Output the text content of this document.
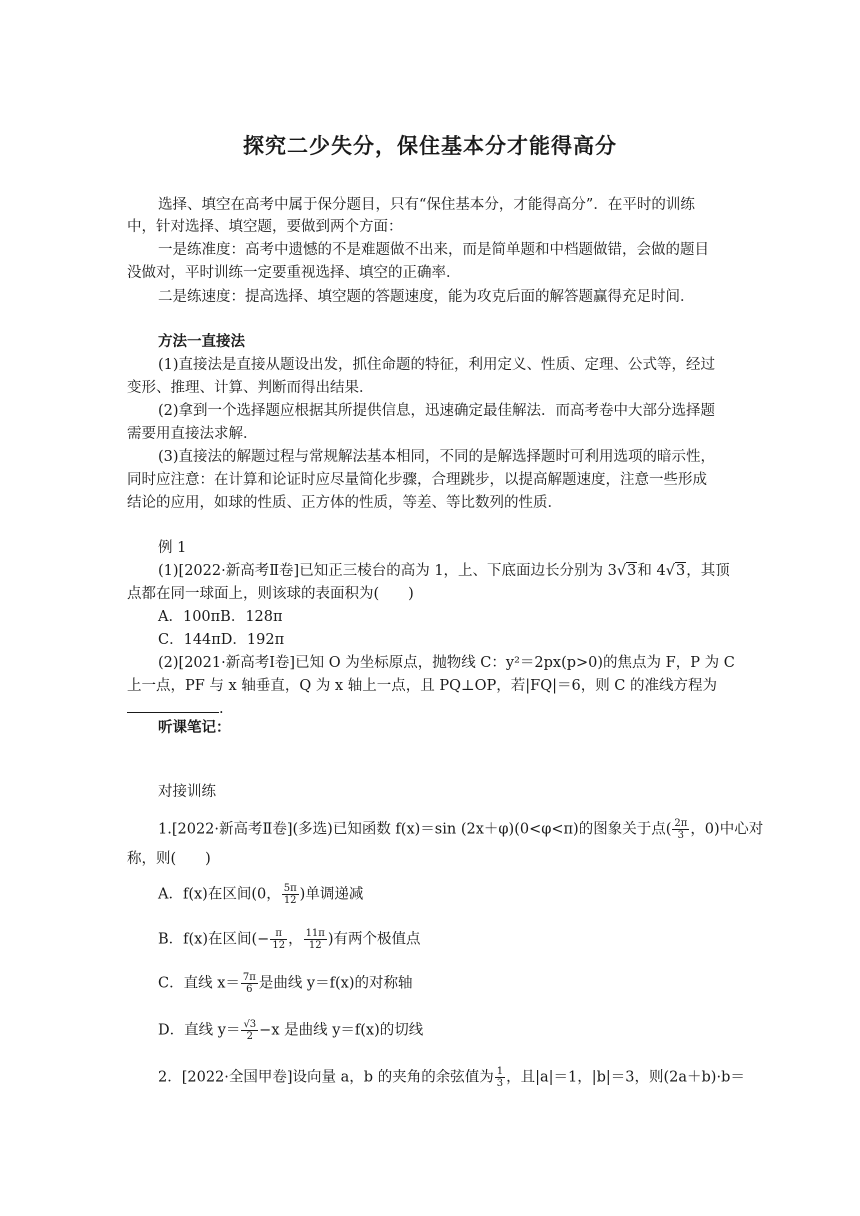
探究二少失分，保住基本分才能得高分
选择、填空在高考中属于保分题目，只有“保住基本分，才能得高分”．在平时的训练
中，针对选择、填空题，要做到两个方面：
一是练准度：高考中遗憾的不是难题做不出来，而是简单题和中档题做错，会做的题目
没做对，平时训练一定要重视选择、填空的正确率．
二是练速度：提高选择、填空题的答题速度，能为攻克后面的解答题赢得充足时间．
方法一直接法
(1)直接法是直接从题设出发，抓住命题的特征，利用定义、性质、定理、公式等，经过
变形、推理、计算、判断而得出结果．
(2)拿到一个选择题应根据其所提供信息，迅速确定最佳解法．而高考卷中大部分选择题
需要用直接法求解．
(3)直接法的解题过程与常规解法基本相同，不同的是解选择题时可利用选项的暗示性，
同时应注意：在计算和论证时应尽量简化步骤，合理跳步，以提高解题速度，注意一些形成
结论的应用，如球的性质、正方体的性质，等差、等比数列的性质．
例 1
(1)[2022·新高考Ⅱ卷]已知正三棱台的高为 1，上、下底面边长分别为 3√3和 4√3，其顶
点都在同一球面上，则该球的表面积为(　　)
A．100πB．128π
C．144πD．192π
(2)[2021·新高考Ⅰ卷]已知 O 为坐标原点，抛物线 C：y²＝2px(p>0)的焦点为 F，P 为 C
上一点，PF 与 x 轴垂直，Q 为 x 轴上一点，且 PQ⊥OP，若|FQ|＝6，则 C 的准线方程为
.
听课笔记：
对接训练
1.[2022·新高考Ⅱ卷](多选)已知函数 f(x)＝sin (2x＋φ)(0<φ<π)的图象关于点( $\frac{2\pi}{3}$ ，0)中心对
称，则(　　)
A．f(x)在区间(0， $\frac{5\pi}{12}$ )单调递减
B．f(x)在区间(− $\frac{\pi}{12}$ ， $\frac{11\pi}{12}$ )有两个极值点
C．直线 $x= \frac{7\pi}{6}$ 是曲线 y＝f(x)的对称轴
D．直线 $y= \frac{√3}{2} -x$ 是曲线 y＝f(x)的切线
2．[2022·全国甲卷]设向量 a，b 的夹角的余弦值为 $\frac{1}{3}$ ，且|a|＝1，|b|＝3，则(2a＋b)·b＝
